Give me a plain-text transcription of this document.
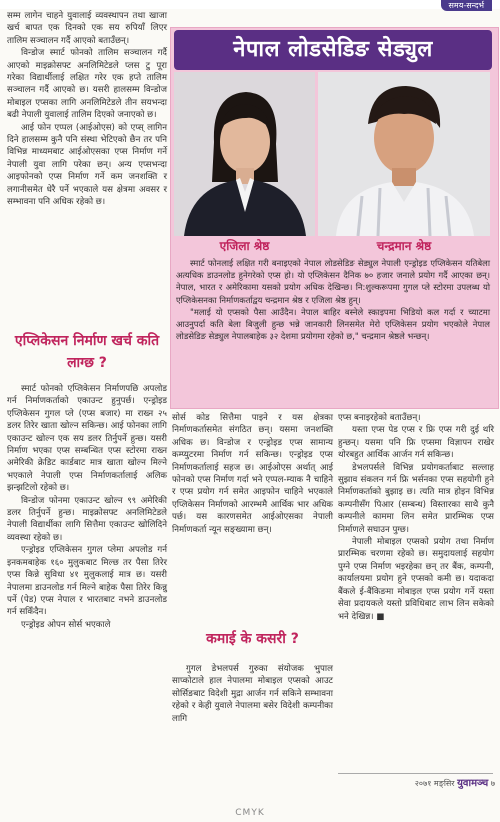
समय-सन्दर्भ

सम्म लागेन चाहने युवालाई व्यवस्थापन तथा खाजा खर्च बापत एक दिनको एक सय रुपियाँ लिएर तालिम सञ्चालन गर्दै आएको बताउँछन्।

विन्डोज स्मार्ट फोनको तालिम सञ्चालन गर्दै आएको माइक्रोसफ्ट अनलिमिटेडले प्लस टु पूरा गरेका विद्यार्थीलाई लक्षित गरेर एक हप्ते तालिम सञ्चालन गर्दै आएको छ। यसरी हालसम्म विन्डोज मोबाइल एप्सका लागि अनलिमिटेडले तीन सयभन्दा बढी नेपाली युवालाई तालिम दिएको जनाएको छ।

आई फोन एप्पल (आईओएस) को एप्स् लागिन दिने हालसम्म कुनै पनि संस्था भेटिएको छैन तर पनि विभिन्न माध्यमबाट आईओएसका एप्स निर्माण गर्ने नेपाली युवा लागि परेका छन्। अन्य एप्सभन्दा आइफोनको एप्स निर्माण गर्ने कम जनशक्ति र लगानीसमेत धेरै पर्ने भएकाले यस क्षेत्रमा अवसर र सम्भावना पनि अधिक रहेको छ।

एप्लिकेसन निर्माण खर्च कति लाग्छ ?

स्मार्ट फोनको एप्लिकेसन निर्माणपछि अपलोड गर्न निर्माणकर्ताको एकाउन्ट हुनुपर्छ। एन्ड्रोइड एप्लिकेसन गुगल प्ले (एप्स बजार) मा राख्न २५ डलर तिरेर खाता खोल्न सकिन्छ। आई फोनका लागि एकाउन्ट खोल्न एक सय डलर तिर्नुपर्ने हुन्छ। यसरी निर्माण भएका एप्स सम्बन्धित एप्स स्टोरमा राख्न अमेरिकी क्रेडिट कार्डबाट मात्र खाता खोल्न मिल्ने भएकाले नेपाली एप्स निर्माणकर्तालाई अलिक झन्झटिलो रहेको छ।

विन्डोज फोनमा एकाउन्ट खोल्न ९९ अमेरिकी डलर तिर्नुपर्ने हुन्छ। माइक्रोसफ्ट अनलिमिटेडले नेपाली विद्यार्थीका लागि सित्तैमा एकाउन्ट खोलिदिने व्यवस्था रहेको छ।

एन्ड्रोइड एप्लिकेसन गुगल प्लेमा अपलोड गर्न इनकमबाहेक १६० मुलुकबाट मिल्छ तर पैसा तिरेर एप्स किन्ने सुविधा ४१ मुलुकलाई मात्र छ। यसरी नेपालमा डाउनलोड गर्न मिल्ने बाहेक पैसा तिरेर किन्नु पर्ने (पेड) एप्स नेपाल र भारतबाट नभने डाउनलोड गर्न सकिँदैन।

एन्ड्रोइड ओपन सोर्स भएकाले

नेपाल लोडसेडिङ सेड्युल
एजिला श्रेष्ठ	चन्द्रमान श्रेष्ठ

स्मार्ट फोनलाई लक्षित गरी बनाइएको नेपाल लोडसेडिङ सेड्युल नेपाली एन्ड्रोइड एप्लिकेसन यतिबेला अत्यधिक डाउनलोड हुनेगरेको एप्स हो। यो एप्लिकेसन दैनिक ७० हजार जनाले प्रयोग गर्दै आएका छन्। नेपाल, भारत र अमेरिकामा यसको प्रयोग अधिक देखिन्छ। नि:शुल्करूपमा गुगल प्ले स्टोरमा उपलब्ध यो एप्लिकेसनका निर्माणकर्ताद्वय चन्द्रमान श्रेष्ठ र एजिला श्रेष्ठ हुन्।

"मलाई यो एप्सको पैसा आउँदैन। नेपाल बाहिर बस्नेले स्काइपमा भिडियो कल गर्दा र च्याटमा आउनुपर्दा कति बेला बिजुली हुन्छ भन्ने जानकारी लिनसमेत मेरो एप्लिकेसन प्रयोग भएकोले नेपाल लोडसेडिङ सेड्युल नेपालबाहेक ३२ देशमा प्रयोगमा रहेको छ," चन्द्रमान श्रेष्ठले भन्छन्।

सोर्स कोड सित्तैमा पाइने र यस क्षेत्रका निर्माणकर्तासमेत संगठित छन्। यसमा जनशक्ति अधिक छ। विन्डोज र एन्ड्रोइड एप्स सामान्य कम्प्युटरमा निर्माण गर्न सकिन्छ। एन्ड्रोइड एप्स निर्माणकर्तालाई सहज छ। आईओएस अर्थात् आई फोनको एप्स निर्माण गर्दा भने एप्पल-म्याक नै चाहिने र एप्स प्रयोग गर्न समेत आइफोन चाहिने भएकाले एप्लिकेसन निर्माणको आरम्भमै आर्थिक भार अधिक पर्छ। यस कारणसमेत आईओएसका नेपाली निर्माणकर्ता न्यून सङ्ख्यामा छन्।

कमाई के कसरी ?

गुगल डेभलपर्स गुरुका संयोजक भुपाल साप्कोटाले हाल नेपालमा मोबाइल एप्सको आउट सोर्सिङबाट विदेशी मुद्रा आर्जन गर्न सकिने सम्भावना रहेको र केही युवाले नेपालमा बसेर विदेशी कम्पनीका लागि

एप्स बनाइरहेको बताउँछन्।

यस्ता एप्स पेड एप्स र फ्रि एप्स गरी दुई थरि हुन्छन्। यसमा पनि फ्रि एप्समा विज्ञापन राखेर थोरबहुत आर्थिक आर्जन गर्न सकिन्छ।

डेभलपर्सले विभिन्न प्रयोगकर्ताबाट सल्लाह सुझाव संकलन गर्न फ्रि भर्सनका एप्स सहयोगी हुने निर्माणकर्ताको बुझाइ छ। त्यति मात्र होइन विभिन्न कम्पनीसँग पिआर (सम्बन्ध) विस्तारका साथै कुनै कम्पनीले काममा लिन समेत प्रारम्भिक एप्स निर्माणले सघाउन पुग्छ।

नेपाली मोबाइल एप्सको प्रयोग तथा निर्माण प्रारम्भिक चरणमा रहेको छ। समुदायलाई सहयोग पुग्ने एप्स निर्माण भइरहेका छन् तर बैंक, कम्पनी, कार्यालयमा प्रयोग हुने एप्सको कमी छ। यदाकदा बैंकले ई-बैंकिङमा मोबाइल एप्स प्रयोग गर्ने यस्ता सेवा प्रदायकले यस्तो प्रविधिबाट लाभ लिन सकेको भने देखिन्न। ■

२०७१ मङ्सिर युवामञ्च ७
CMYK
